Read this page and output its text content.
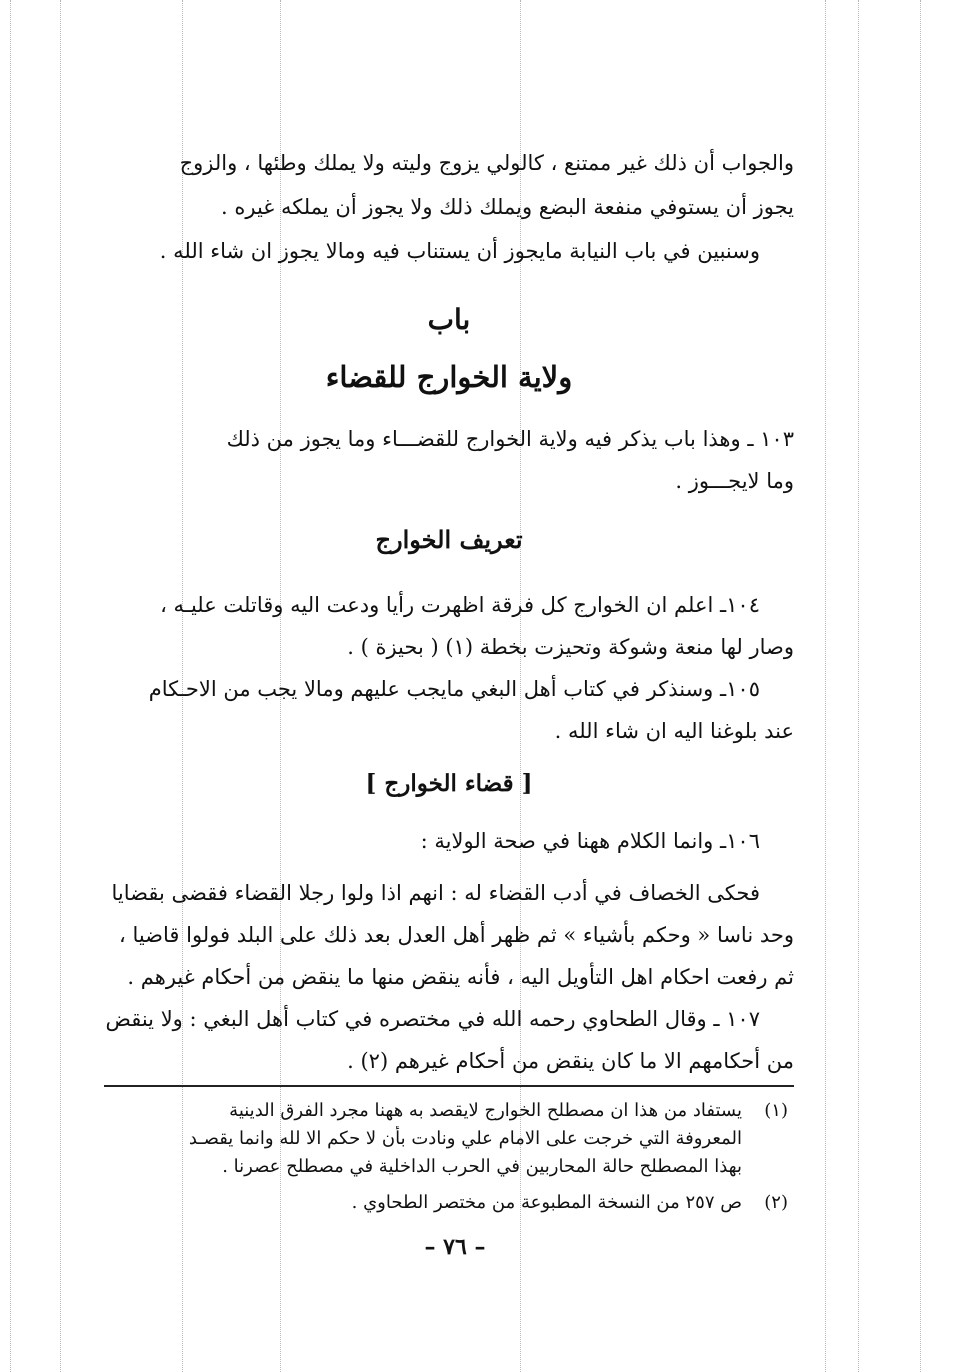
والجواب أن ذلك غير ممتنع ، كالولي يزوج وليته ولا يملك وطئها ، والزوج
يجوز أن يستوفي منفعة البضع ويملك ذلك ولا يجوز أن يملكه غيره .
وسنبين في باب النيابة مايجوز أن يستناب فيه ومالا يجوز ان شاء الله .
باب
ولاية الخوارج للقضاء
١٠٣ ـ وهذا باب يذكر فيه ولاية الخوارج للقضـــاء وما يجوز من ذلك
وما لايجـــوز .
تعريف الخوارج
١٠٤ـ اعلم ان الخوارج كل فرقة اظهرت رأيا ودعت اليه وقاتلت عليـه ،
وصار لها منعة وشوكة وتحيزت بخطة (١) ( بحيزة ) .
١٠٥ـ وسنذكر في كتاب أهل البغي مايجب عليهم ومالا يجب من الاحـكام
عند بلوغنا اليه ان شاء الله .
[ قضاء الخوارج ]
١٠٦ـ وانما الكلام ههنا في صحة الولاية :
فحكى الخصاف في أدب القضاء له : انهم اذا ولوا رجلا القضاء فقضى بقضايا
وحد ناسا « وحكم بأشياء » ثم ظهر أهل العدل بعد ذلك على البلد فولوا قاضيا ،
ثم رفعت احكام اهل التأويل اليه ، فأنه ينقض منها ما ينقض من أحكام غيرهم .
١٠٧ ـ وقال الطحاوي رحمه الله في مختصره في كتاب أهل البغي : ولا ينقض
من أحكامهم الا ما كان ينقض من أحكام غيرهم (٢) .
(١)
يستفاد من هذا ان مصطلح الخوارج لايقصد به ههنا مجرد الفرق الدينية
المعروفة التي خرجت على الامام علي ونادت بأن لا حكم الا لله وانما يقصـد
بهذا المصطلح حالة المحاربين في الحرب الداخلية في مصطلح عصرنا .
(٢)
ص ٢٥٧ من النسخة المطبوعة من مختصر الطحاوي .
– ٧٦ –
